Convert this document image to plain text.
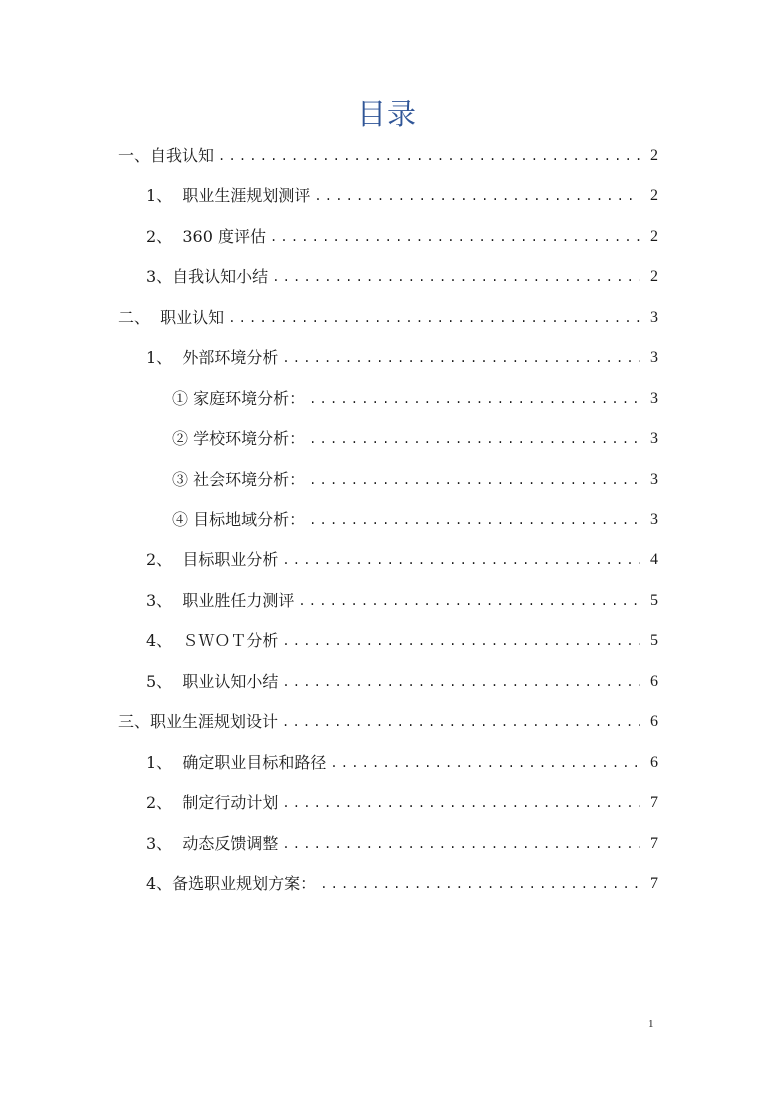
目录
一、自我认知 .....	2
1、  职业生涯规划测评 .....	2
2、  360 度评估 .....	2
3、自我认知小结 .....	2
二、  职业认知 .....	3
1、  外部环境分析 .....	3
① 家庭环境分析： .....	3
② 学校环境分析： .....	3
③ 社会环境分析： .....	3
④ 目标地域分析： .....	3
2、  目标职业分析 .....	4
3、  职业胜任力测评 .....	5
4、  ＳＷＯＴ分析 .....	5
5、  职业认知小结 .....	6
三、职业生涯规划设计 .....	6
1、  确定职业目标和路径 .....	6
2、  制定行动计划 .....	7
3、  动态反馈调整 .....	7
4、备选职业规划方案： .....	7
1
